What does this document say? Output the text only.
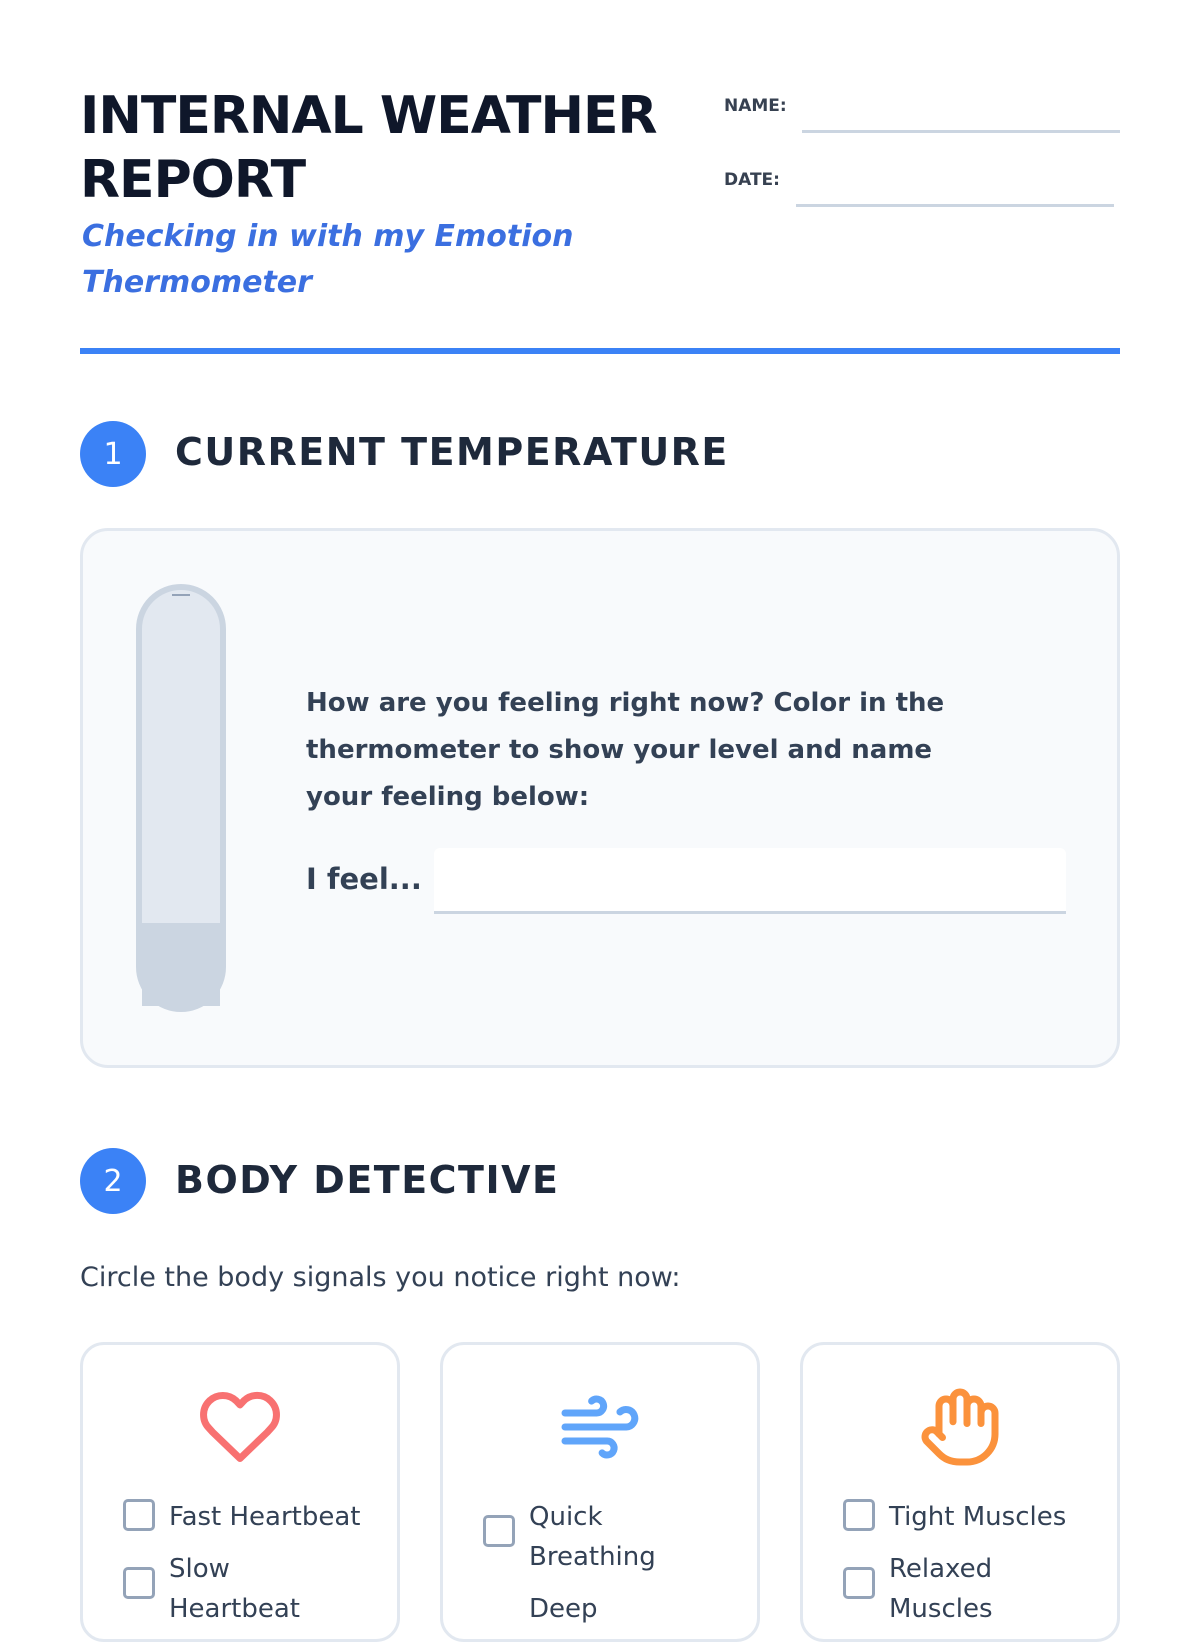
INTERNAL WEATHER REPORT
Checking in with my Emotion Thermometer
NAME:
DATE:
1	CURRENT TEMPERATURE

How are you feeling right now? Color in the thermometer to show your level and name your feeling below:

I feel...
2	BODY DETECTIVE

Circle the body signals you notice right now:

Fast Heartbeat
Slow Heartbeat
Quick Breathing
Deep
Tight Muscles
Relaxed Muscles
